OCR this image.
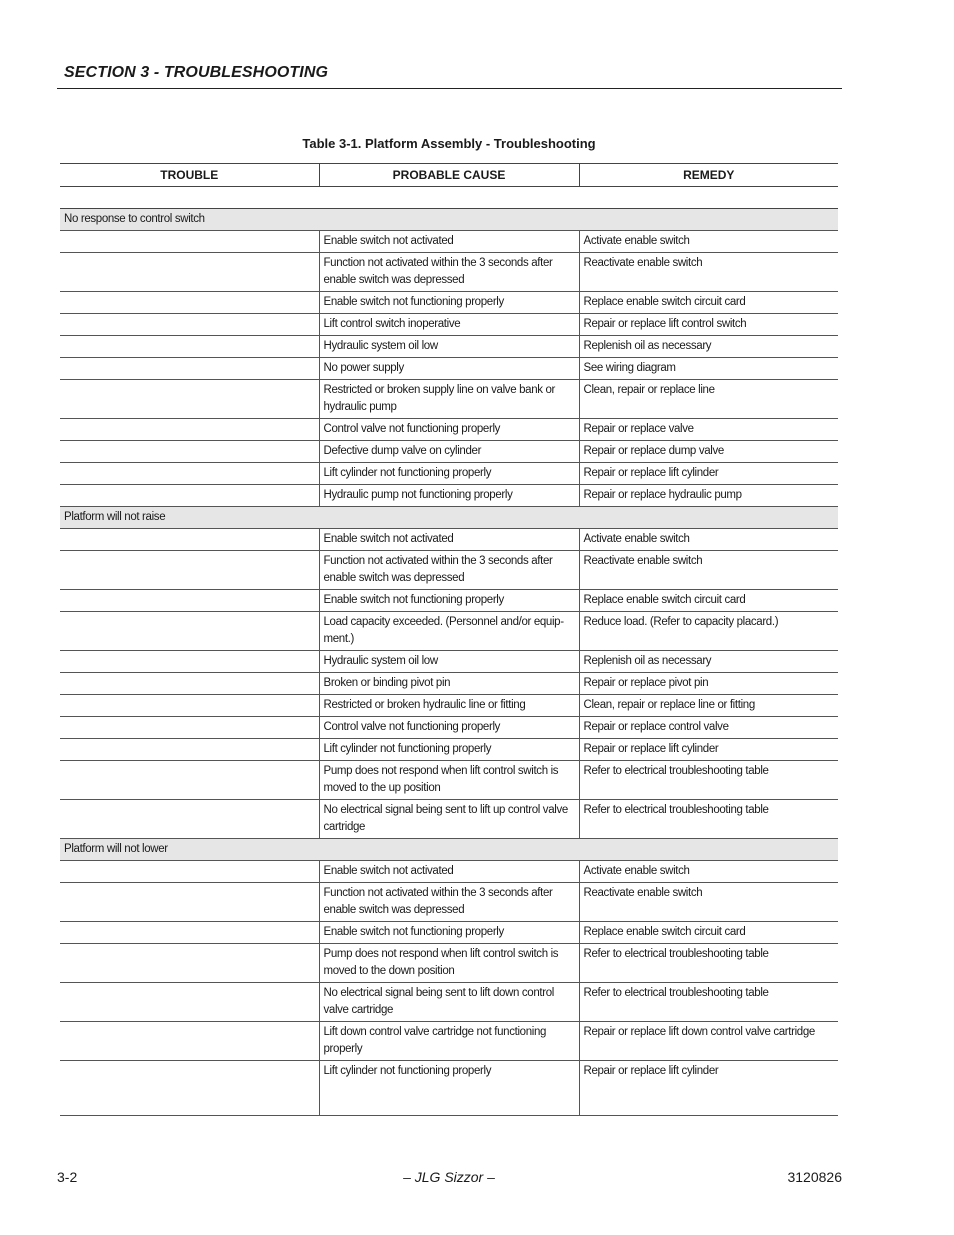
SECTION 3 - TROUBLESHOOTING
Table 3-1. Platform Assembly - Troubleshooting
TROUBLE	PROBABLE CAUSE	REMEDY

No response to control switch		
	Enable switch not activated	Activate enable switch
	Function not activated within the 3 seconds after enable switch was depressed	Reactivate enable switch
	Enable switch not functioning properly	Replace enable switch circuit card
	Lift control switch inoperative	Repair or replace lift control switch
	Hydraulic system oil low	Replenish oil as necessary
	No power supply	See wiring diagram
	Restricted or broken supply line on valve bank or hydraulic pump	Clean, repair or replace line
	Control valve not functioning properly	Repair or replace valve
	Defective dump valve on cylinder	Repair or replace dump valve
	Lift cylinder not functioning properly	Repair or replace lift cylinder
	Hydraulic pump not functioning properly	Repair or replace hydraulic pump
Platform will not raise		
	Enable switch not activated	Activate enable switch
	Function not activated within the 3 seconds after enable switch was depressed	Reactivate enable switch
	Enable switch not functioning properly	Replace enable switch circuit card
	Load capacity exceeded. (Personnel and/or equip-ment.)	Reduce load. (Refer to capacity placard.)
	Hydraulic system oil low	Replenish oil as necessary
	Broken or binding pivot pin	Repair or replace pivot pin
	Restricted or broken hydraulic line or fitting	Clean, repair or replace line or fitting
	Control valve not functioning properly	Repair or replace control valve
	Lift cylinder not functioning properly	Repair or replace lift cylinder
	Pump does not respond when lift control switch is moved to the up position	Refer to electrical troubleshooting table
	No electrical signal being sent to lift up control valve cartridge	Refer to electrical troubleshooting table
Platform will not lower		
	Enable switch not activated	Activate enable switch
	Function not activated within the 3 seconds after enable switch was depressed	Reactivate enable switch
	Enable switch not functioning properly	Replace enable switch circuit card
	Pump does not respond when lift control switch is moved to the down position	Refer to electrical troubleshooting table
	No electrical signal being sent to lift down control valve cartridge	Refer to electrical troubleshooting table
	Lift down control valve cartridge not functioning properly	Repair or replace lift down control valve cartridge
	Lift cylinder not functioning properly	Repair or replace lift cylinder
3-2	– JLG Sizzor –	3120826
